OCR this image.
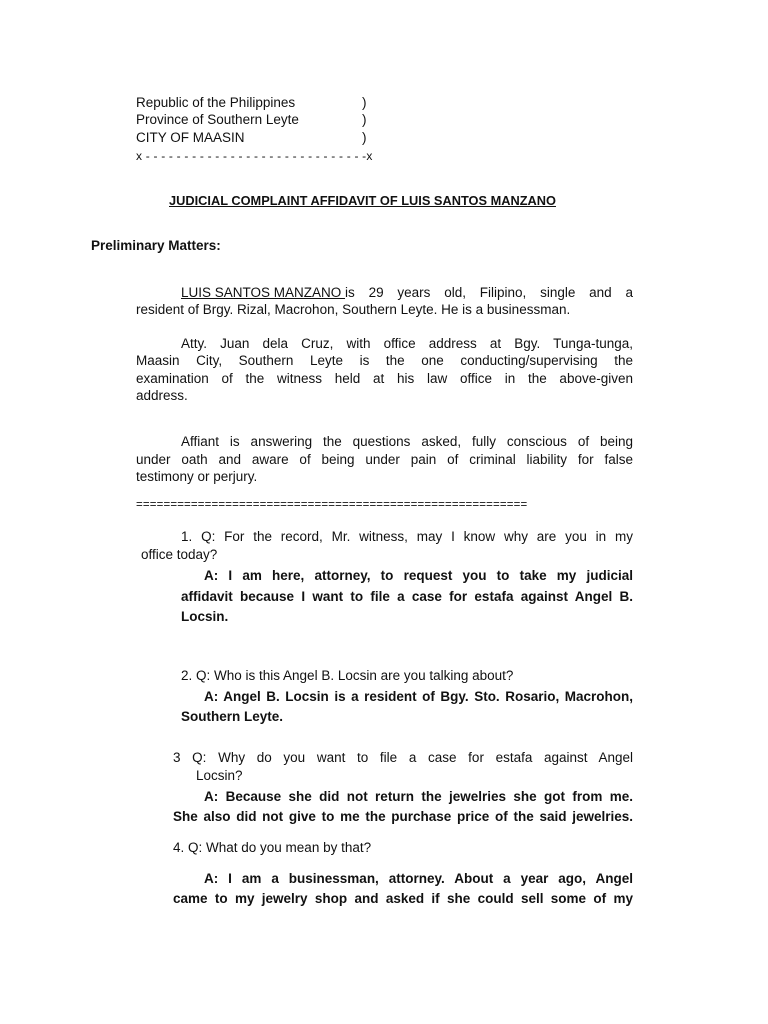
Republic of the Philippines	)
Province of Southern Leyte	)
CITY OF MAASIN	)
x - - - - - - - - - - - - - - - - - - - - - - - - - - - - -x
JUDICIAL COMPLAINT AFFIDAVIT OF LUIS SANTOS MANZANO
Preliminary Matters:
LUIS SANTOS MANZANO is 29 years old, Filipino, single and a
resident of Brgy. Rizal, Macrohon, Southern Leyte. He is a businessman.
Atty. Juan dela Cruz, with office address at Bgy. Tunga-tunga,
Maasin City, Southern Leyte is the one conducting/supervising the
examination of the witness held at his law office in the above-given
address.
Affiant is answering the questions asked, fully conscious of being
under oath and aware of being under pain of criminal liability for false
testimony or perjury.
=========================================================
1. Q: For the record, Mr. witness, may I know why are you in my
office today?
A: I am here, attorney, to request you to take my judicial
affidavit because I want to file a case for estafa against Angel B.
Locsin.
2. Q: Who is this Angel B. Locsin are you talking about?
A: Angel B. Locsin is a resident of Bgy. Sto. Rosario, Macrohon,
Southern Leyte.
3 Q: Why do you want to file a case for estafa against Angel
Locsin?
A: Because she did not return the jewelries she got from me.
She also did not give to me the purchase price of the said jewelries.
4. Q: What do you mean by that?
A: I am a businessman, attorney. About a year ago, Angel
came to my jewelry shop and asked if she could sell some of my
